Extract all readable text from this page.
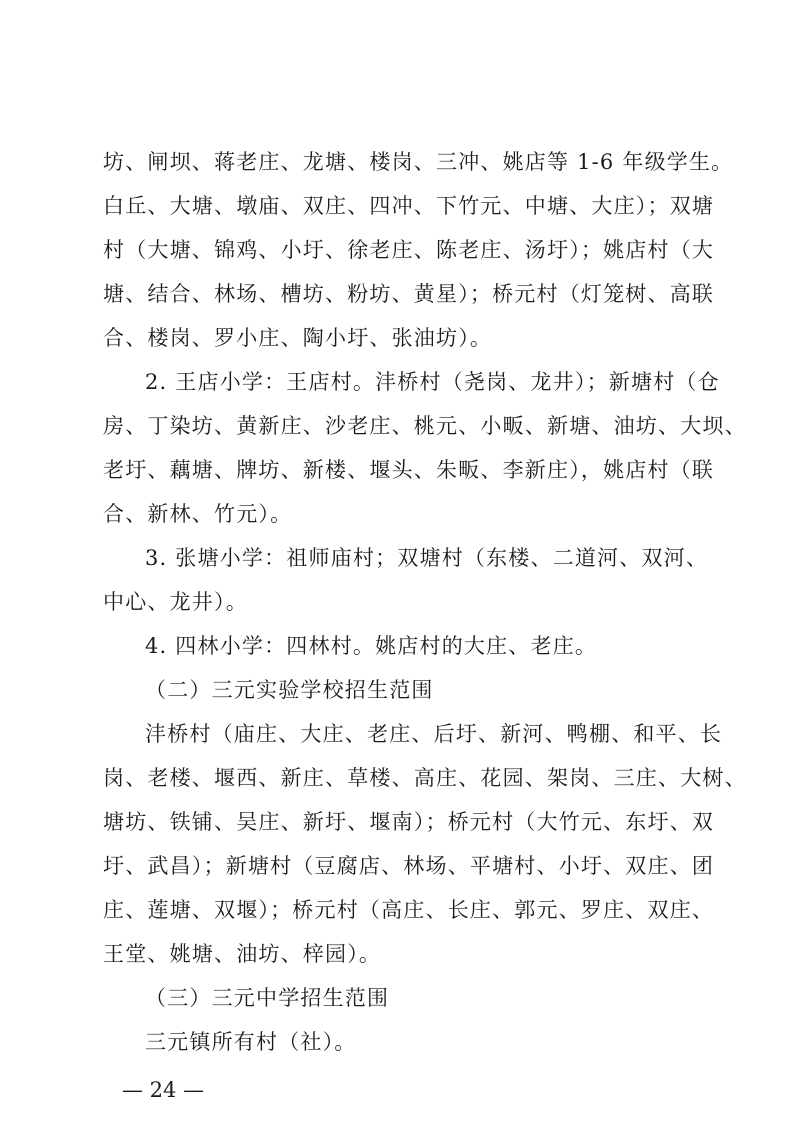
坊、闸坝、蒋老庄、龙塘、楼岗、三冲、姚店等 1-6 年级学生。
白丘、大塘、墩庙、双庄、四冲、下竹元、中塘、大庄）；双塘
村（大塘、锦鸡、小圩、徐老庄、陈老庄、汤圩）；姚店村（大
塘、结合、林场、槽坊、粉坊、黄星）；桥元村（灯笼树、高联
合、楼岗、罗小庄、陶小圩、张油坊）。
2. 王店小学：王店村。沣桥村（尧岗、龙井）；新塘村（仓
房、丁染坊、黄新庄、沙老庄、桃元、小畈、新塘、油坊、大坝、
老圩、藕塘、牌坊、新楼、堰头、朱畈、李新庄），姚店村（联
合、新林、竹元）。
3. 张塘小学：祖师庙村；双塘村（东楼、二道河、双河、
中心、龙井）。
4. 四林小学：四林村。姚店村的大庄、老庄。
（二）三元实验学校招生范围
沣桥村（庙庄、大庄、老庄、后圩、新河、鸭棚、和平、长
岗、老楼、堰西、新庄、草楼、高庄、花园、架岗、三庄、大树、
塘坊、铁铺、吴庄、新圩、堰南）；桥元村（大竹元、东圩、双
圩、武昌）；新塘村（豆腐店、林场、平塘村、小圩、双庄、团
庄、莲塘、双堰）；桥元村（高庄、长庄、郭元、罗庄、双庄、
王堂、姚塘、油坊、梓园）。
（三）三元中学招生范围
三元镇所有村（社）。
— 24 —
